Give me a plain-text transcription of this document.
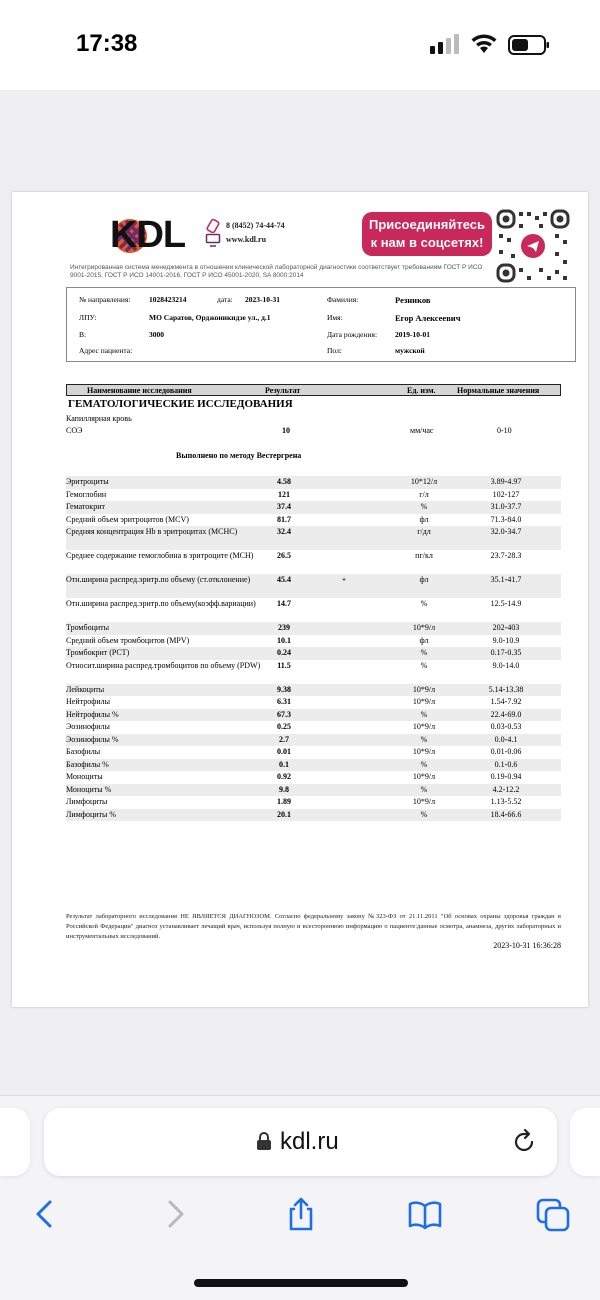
17:38
KDL	8 (8452) 74-44-74
www.kdl.ru
Присоединяйтесь
к нам в соцсетях!
Интегрированная система менеджмента в отношении клинической лабораторной диагностики соответствует требованиям ГОСТ Р ИСО 9001-2015, ГОСТ Р ИСО 14001-2016, ГОСТ Р ИСО 45001-2020, SA 8000:2014
№ направления: 1028423214	дата: 2023-10-31	Фамилия:	Резников
ЛПУ:	МО Саратов, Орджоникидзе ул., д.1	Имя:	Егор Алексеевич
В:	3000	Дата рождения: 2019-10-01
Адрес пациента:	Пол:	мужской
Наименование исследования	Результат	Ед. изм.	Нормальные значения
ГЕМАТОЛОГИЧЕСКИЕ ИССЛЕДОВАНИЯ
Капиллярная кровь
СОЭ	10	мм/час	0-10
Выполнено по методу Вестергрена
Эритроциты	4.58	10*12/л	3.89-4.97
Гемоглобин	121	г/л	102-127
Гематокрит	37.4	%	31.0-37.7
Средний объем эритроцитов (MCV)	81.7	фл	71.3-84.0
Средняя концентрация Hb в эритроцитах (MCHC)	32.4	г/дл	32.0-34.7
Среднее содержание гемоглобина в эритроците (MCH)	26.5	пг/кл	23.7-28.3
Отн.ширина распред.эритр.по объему (ст.отклонение)	45.4	+	фл	35.1-41.7
Отн.ширина распред.эритр.по объему(коэфф.вариации)	14.7	%	12.5-14.9
Тромбоциты	239	10*9/л	202-403
Средний объем тромбоцитов (MPV)	10.1	фл	9.0-10.9
Тромбокрит (PCT)	0.24	%	0.17-0.35
Относит.ширина распред.тромбоцитов по объему (PDW)	11.5	%	9.0-14.0
Лейкоциты	9.38	10*9/л	5.14-13.38
Нейтрофилы	6.31	10*9/л	1.54-7.92
Нейтрофилы %	67.3	%	22.4-69.0
Эозинофилы	0.25	10*9/л	0.03-0.53
Эозинофилы %	2.7	%	0.0-4.1
Базофилы	0.01	10*9/л	0.01-0.06
Базофилы %	0.1	%	0.1-0.6
Моноциты	0.92	10*9/л	0.19-0.94
Моноциты %	9.8	%	4.2-12.2
Лимфоциты	1.89	10*9/л	1.13-5.52
Лимфоциты %	20.1	%	18.4-66.6
Результат лабораторного исследования НЕ ЯВЛЯЕТСЯ ДИАГНОЗОМ. Согласно федеральному закону №323-ФЗ от 21.11.2011 "Об основах охраны здоровья граждан в Российской Федерации" диагноз устанавливает лечащий врач, используя полную и всестороннюю информацию о пациенте:данные осмотра, анамнеза, других лабораторных и инструментальных исследований.
2023-10-31 16:36:28
kdl.ru
